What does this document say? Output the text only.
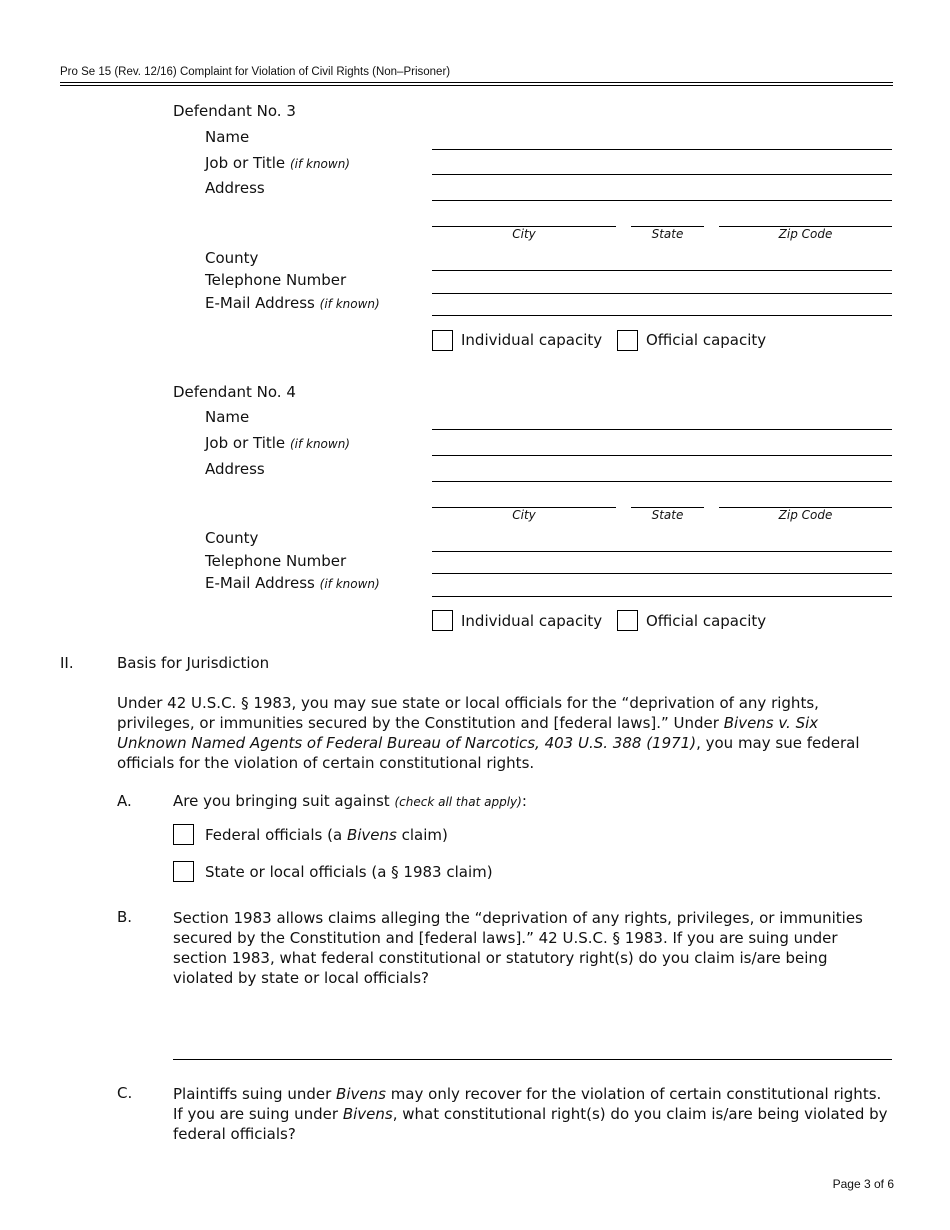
Pro Se 15 (Rev. 12/16) Complaint for Violation of Civil Rights (Non–Prisoner)
Defendant No. 3
Name
Job or Title (if known)
Address
City	State	Zip Code
County
Telephone Number
E-Mail Address (if known)
Individual capacity	Official capacity
Defendant No. 4
Name
Job or Title (if known)
Address
City	State	Zip Code
County
Telephone Number
E-Mail Address (if known)
Individual capacity	Official capacity
II.	Basis for Jurisdiction
Under 42 U.S.C. § 1983, you may sue state or local officials for the “deprivation of any rights, privileges, or immunities secured by the Constitution and [federal laws].” Under Bivens v. Six Unknown Named Agents of Federal Bureau of Narcotics, 403 U.S. 388 (1971), you may sue federal officials for the violation of certain constitutional rights.
A.	Are you bringing suit against (check all that apply):
Federal officials (a Bivens claim)
State or local officials (a § 1983 claim)
B.	Section 1983 allows claims alleging the “deprivation of any rights, privileges, or immunities secured by the Constitution and [federal laws].” 42 U.S.C. § 1983. If you are suing under section 1983, what federal constitutional or statutory right(s) do you claim is/are being violated by state or local officials?
C.	Plaintiffs suing under Bivens may only recover for the violation of certain constitutional rights. If you are suing under Bivens, what constitutional right(s) do you claim is/are being violated by federal officials?
Page 3 of 6
